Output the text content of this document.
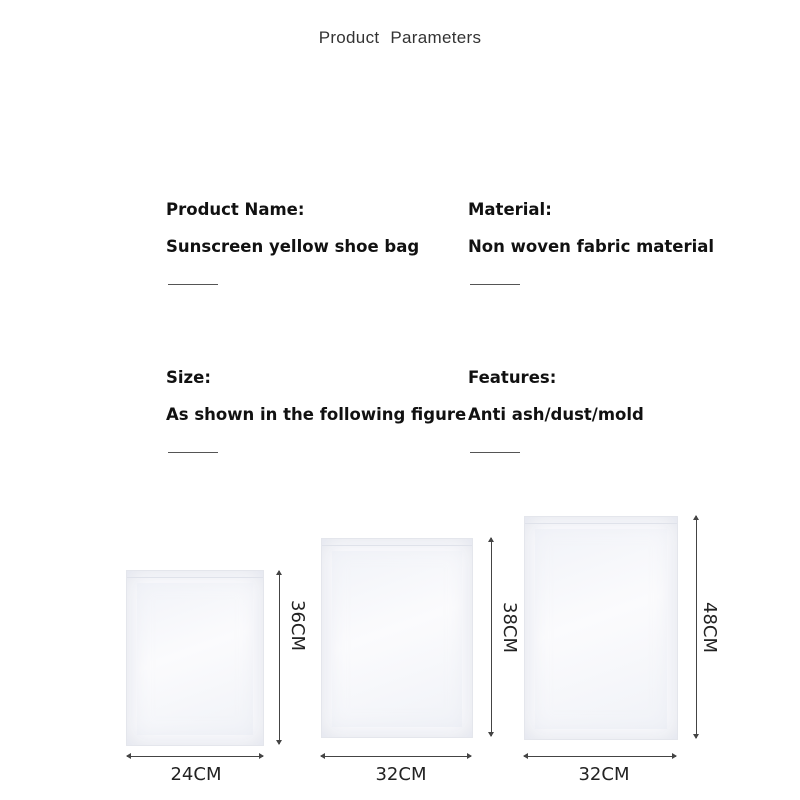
Product Parameters
Product Name:
Sunscreen yellow shoe bag
Material:
Non woven fabric material
Size:
As shown in the following figure
Features:
Anti ash/dust/mold
24CM	32CM	32CM
36CM	38CM	48CM
